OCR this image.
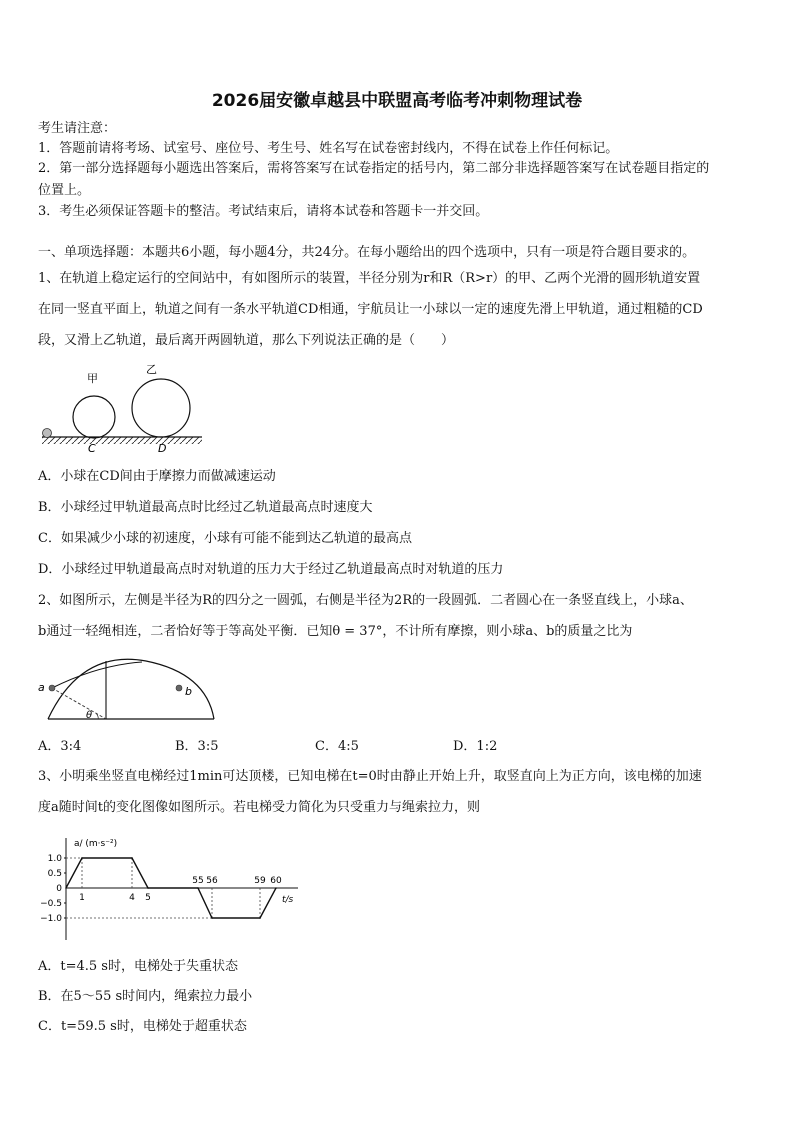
2026届安徽卓越县中联盟高考临考冲刺物理试卷
考生请注意：
1．答题前请将考场、试室号、座位号、考生号、姓名写在试卷密封线内，不得在试卷上作任何标记。
2．第一部分选择题每小题选出答案后，需将答案写在试卷指定的括号内，第二部分非选择题答案写在试卷题目指定的
位置上。
3．考生必须保证答题卡的整洁。考试结束后，请将本试卷和答题卡一并交回。
一、单项选择题：本题共6小题，每小题4分，共24分。在每小题给出的四个选项中，只有一项是符合题目要求的。
1、在轨道上稳定运行的空间站中，有如图所示的装置，半径分别为r和R（R>r）的甲、乙两个光滑的圆形轨道安置
在同一竖直平面上，轨道之间有一条水平轨道CD相通，宇航员让一小球以一定的速度先滑上甲轨道，通过粗糙的CD
段，又滑上乙轨道，最后离开两圆轨道，那么下列说法正确的是（　　）
甲
乙
C	D
A．小球在CD间由于摩擦力而做减速运动
B．小球经过甲轨道最高点时比经过乙轨道最高点时速度大
C．如果减少小球的初速度，小球有可能不能到达乙轨道的最高点
D．小球经过甲轨道最高点时对轨道的压力大于经过乙轨道最高点时对轨道的压力
2、如图所示，左侧是半径为R的四分之一圆弧，右侧是半径为2R的一段圆弧．二者圆心在一条竖直线上，小球a、
b通过一轻绳相连，二者恰好等于等高处平衡．已知θ = 37°，不计所有摩擦，则小球a、b的质量之比为
a	b
θ
A．3:4	B．3:5	C．4:5	D．1:2
3、小明乘坐竖直电梯经过1min可达顶楼，已知电梯在t=0时由静止开始上升，取竖直向上为正方向，该电梯的加速
度a随时间t的变化图像如图所示。若电梯受力简化为只受重力与绳索拉力，则
a/ (m·s⁻²)
t/s
1.0
0.5
0
−0.5
−1.0
1	4 5
55 56	59 60
A．t=4.5 s时，电梯处于失重状态
B．在5～55 s时间内，绳索拉力最小
C．t=59.5 s时，电梯处于超重状态
